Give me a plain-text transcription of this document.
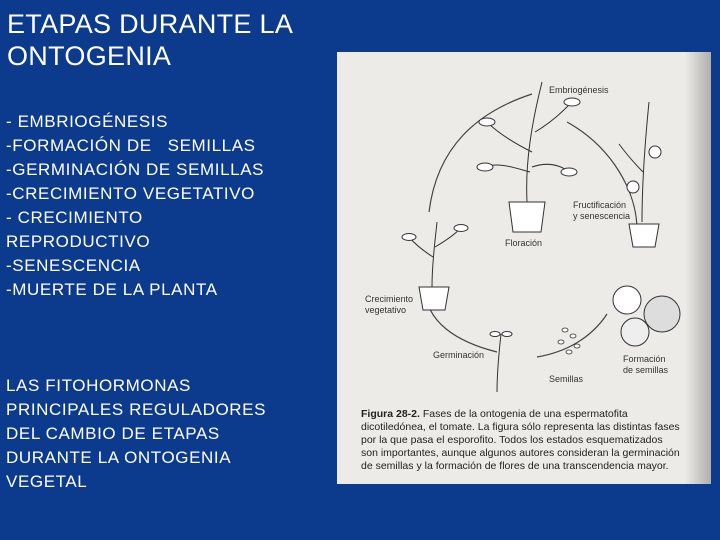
ETAPAS DURANTE LA
ONTOGENIA
- EMBRIOGÉNESIS
-FORMACIÓN DE   SEMILLAS
-GERMINACIÓN DE SEMILLAS
-CRECIMIENTO VEGETATIVO
- CRECIMIENTO
REPRODUCTIVO
-SENESCENCIA
-MUERTE DE LA PLANTA
LAS FITOHORMONAS
PRINCIPALES REGULADORES
DEL CAMBIO DE ETAPAS
DURANTE LA ONTOGENIA
VEGETAL
Embriogénesis
Fructificación
y senescencia
Floración
Crecimiento
vegetativo
Germinación	Formación
de semillas
Semillas
Figura 28-2. Fases de la ontogenia de una espermatofita dicotiledónea, el tomate. La figura sólo representa las distintas fases por la que pasa el esporofito. Todos los estados esquematizados son importantes, aunque algunos autores consideran la germinación de semillas y la formación de flores de una transcendencia mayor.
